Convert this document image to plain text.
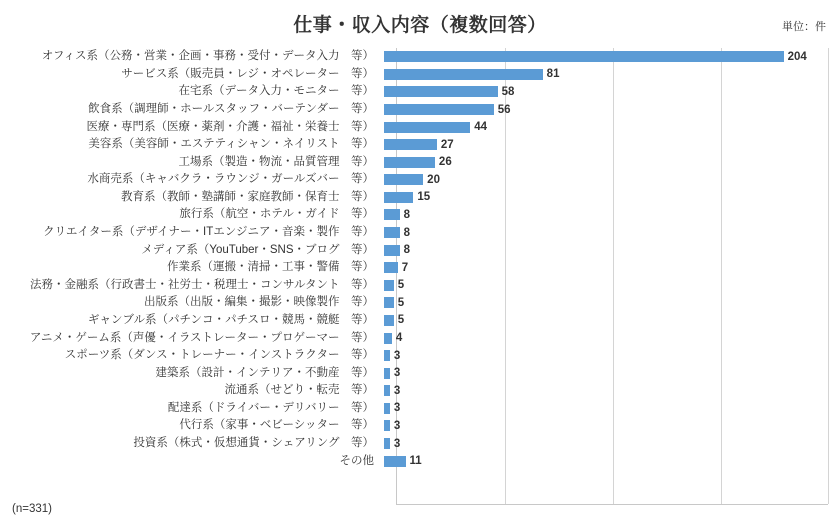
仕事・収入内容（複数回答）	単位：件
オフィス系（公務・営業・企画・事務・受付・データ入力　等）	204
サービス系（販売員・レジ・オペレーター　等）	81
在宅系（データ入力・モニター　等）	58
飲食系（調理師・ホールスタッフ・バーテンダー　等）	56
医療・専門系（医療・薬剤・介護・福祉・栄養士　等）	44
美容系（美容師・エステティシャン・ネイリスト　等）	27
工場系（製造・物流・品質管理　等）	26
水商売系（キャバクラ・ラウンジ・ガールズバー　等）	20
教育系（教師・塾講師・家庭教師・保育士　等）	15
旅行系（航空・ホテル・ガイド　等）	8
クリエイター系（デザイナー・ITエンジニア・音楽・製作　等）	8
メディア系（YouTuber・SNS・ブログ　等）	8
作業系（運搬・清掃・工事・警備　等）	7
法務・金融系（行政書士・社労士・税理士・コンサルタント　等）	5
出版系（出版・編集・撮影・映像製作　等）	5
ギャンブル系（パチンコ・パチスロ・競馬・競艇　等）	5
アニメ・ゲーム系（声優・イラストレーター・プロゲーマー　等）	4
スポーツ系（ダンス・トレーナー・インストラクター　等）	3
建築系（設計・インテリア・不動産　等）	3
流通系（せどり・転売　等）	3
配達系（ドライバー・デリバリー　等）	3
代行系（家事・ベビーシッター　等）	3
投資系（株式・仮想通貨・シェアリング　等）	3
その他	11
(n=331)
